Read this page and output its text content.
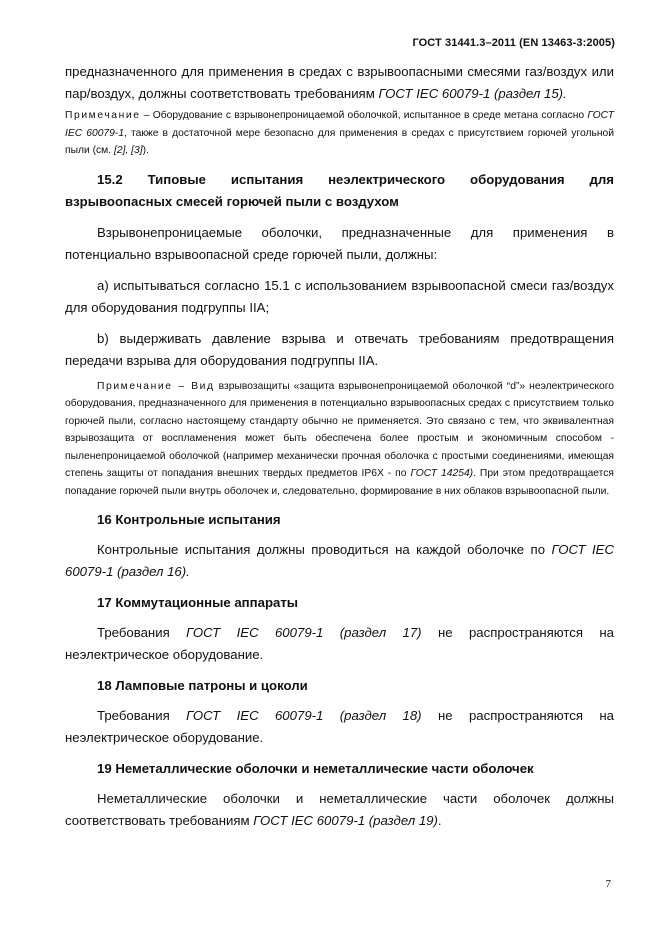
ГОСТ 31441.3–2011 (EN 13463-3:2005)

предназначенного для применения в средах с взрывоопасными смесями газ/воздух или пар/воздух, должны соответствовать требованиям ГОСТ IEC 60079-1 (раздел 15).

Примечание – Оборудование с взрывонепроницаемой оболочкой, испытанное в среде метана согласно ГОСТ IEC 60079-1, также в достаточной мере безопасно для применения в средах с присутствием горючей угольной пыли (см. [2], [3]).

15.2 Типовые испытания неэлектрического оборудования для
взрывоопасных смесей горючей пыли с воздухом

Взрывонепроницаемые оболочки, предназначенные для применения в потенциально взрывоопасной среде горючей пыли, должны:

a) испытываться согласно 15.1 с использованием взрывоопасной смеси газ/воздух для оборудования подгруппы IIA;

b) выдерживать давление взрыва и отвечать требованиям предотвращения передачи взрыва для оборудования подгруппы IIA.

Примечание – Вид взрывозащиты «защита взрывонепроницаемой оболочкой “d”» неэлектрического оборудования, предназначенного для применения в потенциально взрывоопасных средах с присутствием только горючей пыли, согласно настоящему стандарту обычно не применяется. Это связано с тем, что эквивалентная взрывозащита от воспламенения может быть обеспечена более простым и экономичным способом - пыленепроницаемой оболочкой (например механически прочная оболочка с простыми соединениями, имеющая степень защиты от попадания внешних твердых предметов IP6X - по ГОСТ 14254). При этом предотвращается попадание горючей пыли внутрь оболочек и, следовательно, формирование в них облаков взрывоопасной пыли.

16 Контрольные испытания

Контрольные испытания должны проводиться на каждой оболочке по ГОСТ IEC 60079-1 (раздел 16).

17 Коммутационные аппараты

Требования ГОСТ IEC 60079-1 (раздел 17) не распространяются на неэлектрическое оборудование.

18 Ламповые патроны и цоколи

Требования ГОСТ IEC 60079-1 (раздел 18) не распространяются на неэлектрическое оборудование.

19 Неметаллические оболочки и неметаллические части оболочек

Неметаллические оболочки и неметаллические части оболочек должны соответствовать требованиям ГОСТ IEC 60079-1 (раздел 19).

7
